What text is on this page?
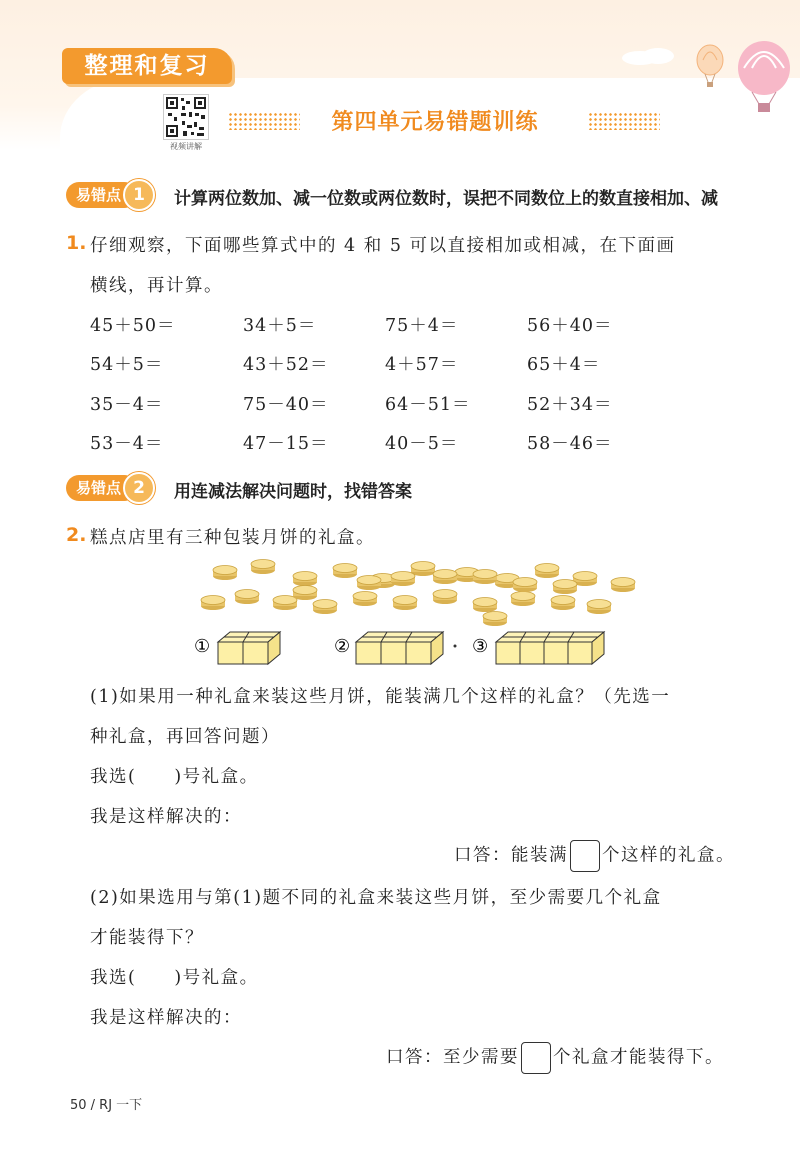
整理和复习
视频讲解
第四单元易错题训练
易错点 1	计算两位数加、减一位数或两位数时，误把不同数位上的数直接相加、减
1. 仔细观察，下面哪些算式中的 4 和 5 可以直接相加或相减，在下面画
横线，再计算。
45＋50＝	34＋5＝	75＋4＝	56＋40＝
54＋5＝	43＋52＝	4＋57＝	65＋4＝
35－4＝	75－40＝	64－51＝	52＋34＝
53－4＝	47－15＝	40－5＝	58－46＝
易错点 2	用连减法解决问题时，找错答案
2. 糕点店里有三种包装月饼的礼盒。
①	②	③
(1)如果用一种礼盒来装这些月饼，能装满几个这样的礼盒？（先选一
种礼盒，再回答问题）
我选(　　)号礼盒。
我是这样解决的：
口答：能装满 个这样的礼盒。
(2)如果选用与第(1)题不同的礼盒来装这些月饼，至少需要几个礼盒
才能装得下？
我选(　　)号礼盒。
我是这样解决的：
口答：至少需要 个礼盒才能装得下。
50 / RJ 一下
